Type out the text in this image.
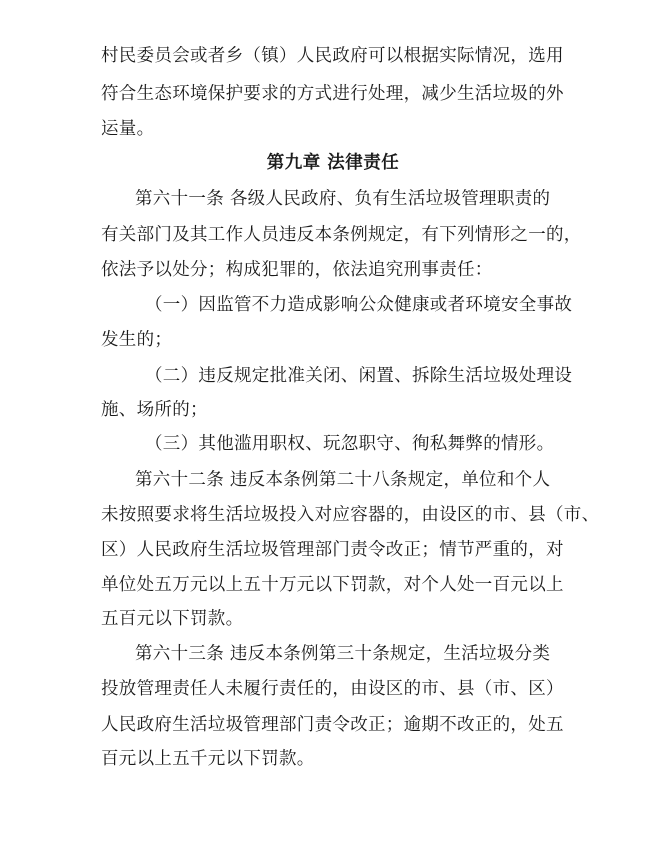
村民委员会或者乡（镇）人民政府可以根据实际情况，选用
符合生态环境保护要求的方式进行处理，减少生活垃圾的外
运量。
第九章 法律责任
第六十一条 各级人民政府、负有生活垃圾管理职责的
有关部门及其工作人员违反本条例规定，有下列情形之一的，
依法予以处分；构成犯罪的，依法追究刑事责任：
（一）因监管不力造成影响公众健康或者环境安全事故
发生的；
（二）违反规定批准关闭、闲置、拆除生活垃圾处理设
施、场所的；
（三）其他滥用职权、玩忽职守、徇私舞弊的情形。
第六十二条 违反本条例第二十八条规定，单位和个人
未按照要求将生活垃圾投入对应容器的，由设区的市、县（市、
区）人民政府生活垃圾管理部门责令改正；情节严重的，对
单位处五万元以上五十万元以下罚款，对个人处一百元以上
五百元以下罚款。
第六十三条 违反本条例第三十条规定，生活垃圾分类
投放管理责任人未履行责任的，由设区的市、县（市、区）
人民政府生活垃圾管理部门责令改正；逾期不改正的，处五
百元以上五千元以下罚款。
